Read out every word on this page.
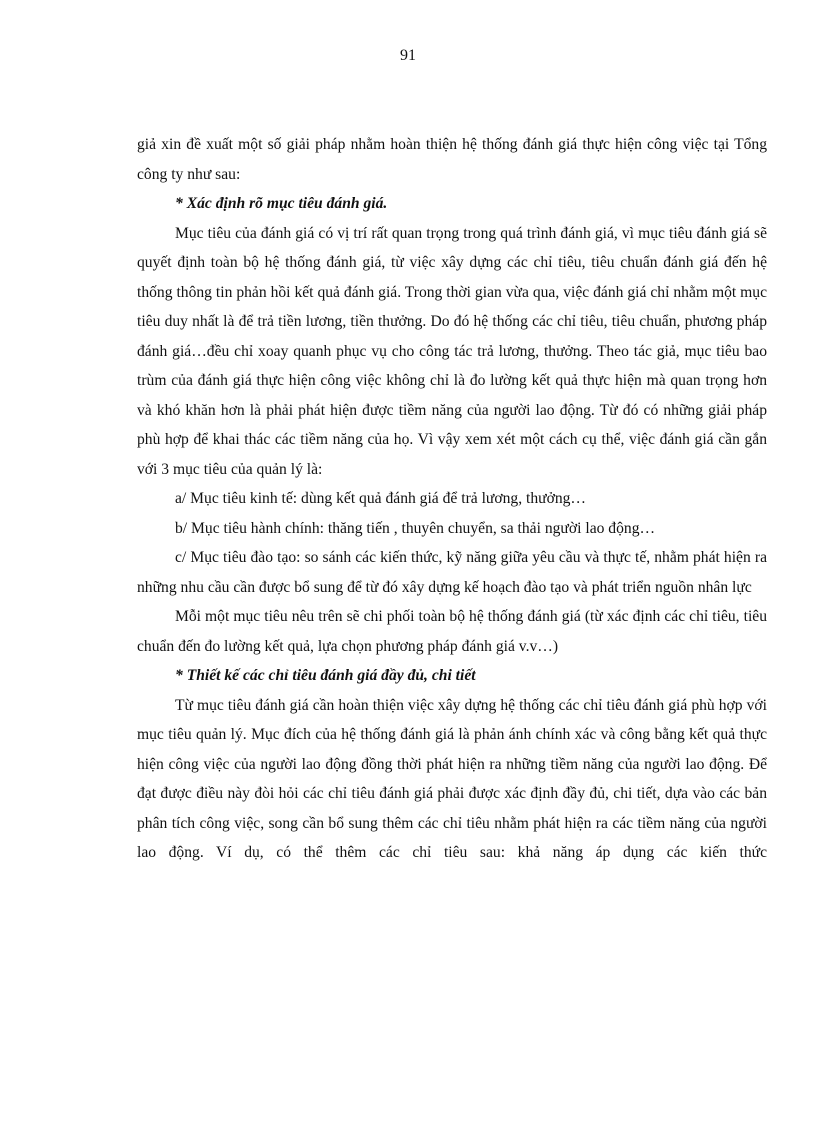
91

giả xin đề xuất một số giải pháp nhằm hoàn thiện hệ thống đánh giá thực hiện công việc tại Tổng công ty như sau:

* Xác định rõ mục tiêu đánh giá.

Mục tiêu của đánh giá có vị trí rất quan trọng trong quá trình đánh giá, vì mục tiêu đánh giá sẽ quyết định toàn bộ hệ thống đánh giá, từ việc xây dựng các chỉ tiêu, tiêu chuẩn đánh giá đến hệ thống thông tin phản hồi kết quả đánh giá. Trong thời gian vừa qua, việc đánh giá chỉ nhằm một mục tiêu duy nhất là để trả tiền lương, tiền thưởng. Do đó hệ thống các chỉ tiêu, tiêu chuẩn, phương pháp đánh giá…đều chỉ xoay quanh phục vụ cho công tác trả lương, thưởng. Theo tác giả, mục tiêu bao trùm của đánh giá thực hiện công việc không chỉ là đo lường kết quả thực hiện mà quan trọng hơn và khó khăn hơn là phải phát hiện được tiềm năng của người lao động. Từ đó có những giải pháp phù hợp để khai thác các tiềm năng của họ. Vì vậy xem xét một cách cụ thể, việc đánh giá cần gắn với 3 mục tiêu của quản lý là:

a/ Mục tiêu kinh tế: dùng kết quả đánh giá để trả lương, thưởng…

b/ Mục tiêu hành chính: thăng tiến , thuyên chuyển, sa thải người lao động…

c/ Mục tiêu đào tạo: so sánh các kiến thức, kỹ năng giữa yêu cầu và thực tế, nhằm phát hiện ra những nhu cầu cần được bổ sung để từ đó xây dựng kế hoạch đào tạo và phát triển nguồn nhân lực

Mỗi một mục tiêu nêu trên sẽ chi phối toàn bộ hệ thống đánh giá (từ xác định các chỉ tiêu, tiêu chuẩn đến đo lường kết quả, lựa chọn phương pháp đánh giá v.v…)

* Thiết kế các chỉ tiêu đánh giá đầy đủ, chi tiết

Từ mục tiêu đánh giá cần hoàn thiện việc xây dựng hệ thống các chỉ tiêu đánh giá phù hợp với mục tiêu quản lý. Mục đích của hệ thống đánh giá là phản ánh chính xác và công bằng kết quả thực hiện công việc của người lao động đồng thời phát hiện ra những tiềm năng của người lao động. Để đạt được điều này đòi hỏi các chỉ tiêu đánh giá phải được xác định đầy đủ, chi tiết, dựa vào các bản phân tích công việc, song cần bổ sung thêm các chỉ tiêu nhằm phát hiện ra các tiềm năng của người lao động. Ví dụ, có thể thêm các chỉ tiêu sau: khả năng áp dụng các kiến thức
